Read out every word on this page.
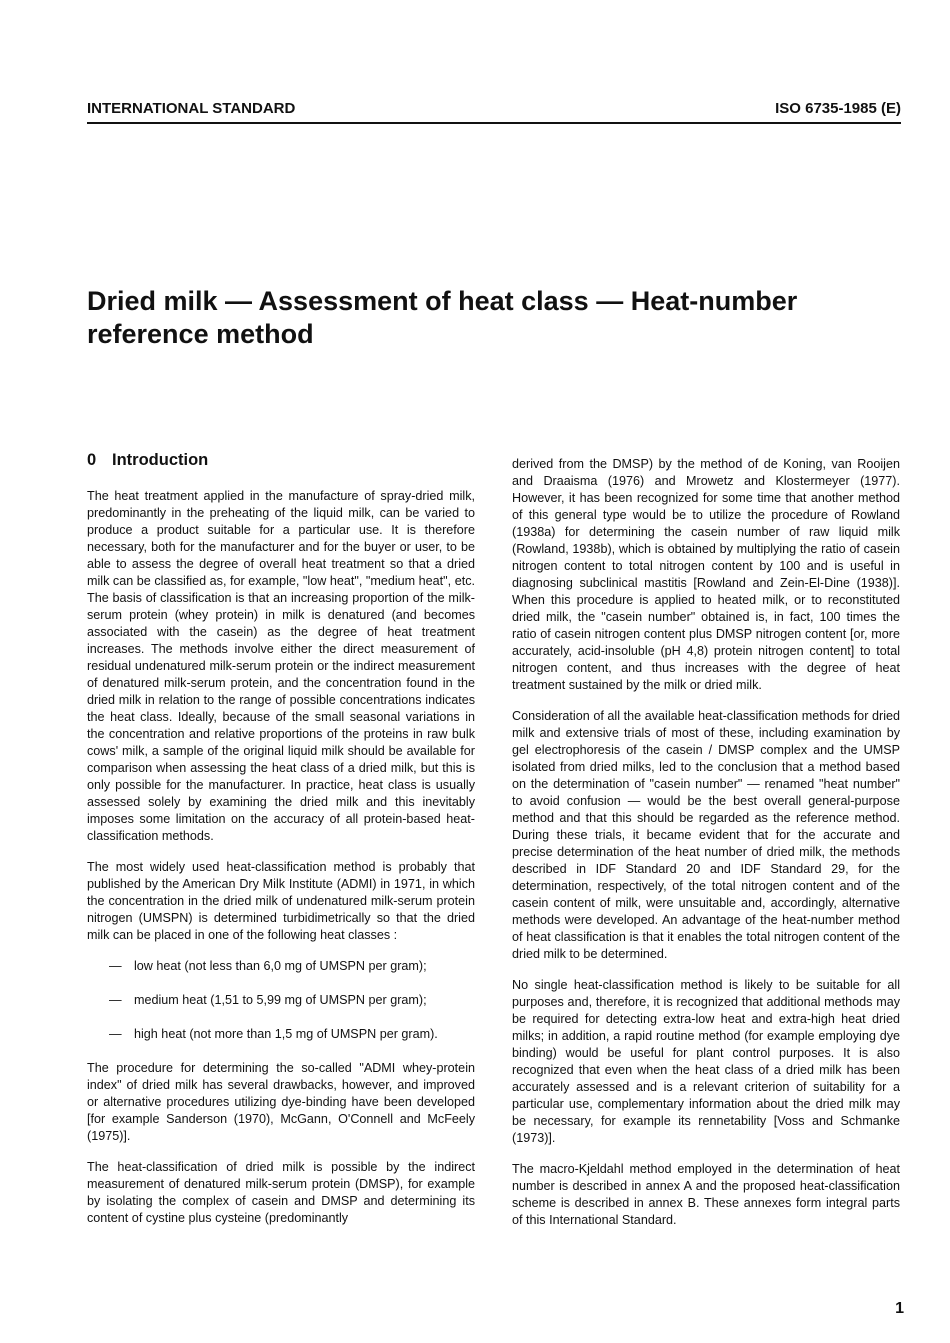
INTERNATIONAL STANDARD	ISO 6735-1985 (E)
Dried milk — Assessment of heat class — Heat-number
reference method
0 Introduction

The heat treatment applied in the manufacture of spray-dried milk, predominantly in the preheating of the liquid milk, can be varied to produce a product suitable for a particular use. It is therefore necessary, both for the manufacturer and for the buyer or user, to be able to assess the degree of overall heat treatment so that a dried milk can be classified as, for example, "low heat", "medium heat", etc. The basis of classification is that an increasing proportion of the milk-serum protein (whey protein) in milk is denatured (and becomes associated with the casein) as the degree of heat treatment increases. The methods involve either the direct measurement of residual undenatured milk-serum protein or the indirect measurement of denatured milk-serum protein, and the concentration found in the dried milk in relation to the range of possible concentrations indicates the heat class. Ideally, because of the small seasonal variations in the concentration and relative proportions of the proteins in raw bulk cows' milk, a sample of the original liquid milk should be available for comparison when assessing the heat class of a dried milk, but this is only possible for the manufacturer. In practice, heat class is usually assessed solely by examining the dried milk and this inevitably imposes some limitation on the accuracy of all protein-based heat-classification methods.

The most widely used heat-classification method is probably that published by the American Dry Milk Institute (ADMI) in 1971, in which the concentration in the dried milk of undenatured milk-serum protein nitrogen (UMSPN) is determined turbidimetrically so that the dried milk can be placed in one of the following heat classes :

— low heat (not less than 6,0 mg of UMSPN per gram);
— medium heat (1,51 to 5,99 mg of UMSPN per gram);
— high heat (not more than 1,5 mg of UMSPN per gram).

The procedure for determining the so-called "ADMI whey-protein index" of dried milk has several drawbacks, however, and improved or alternative procedures utilizing dye-binding have been developed [for example Sanderson (1970), McGann, O'Connell and McFeely (1975)].

The heat-classification of dried milk is possible by the indirect measurement of denatured milk-serum protein (DMSP), for example by isolating the complex of casein and DMSP and determining its content of cystine plus cysteine (predominantly

derived from the DMSP) by the method of de Koning, van Rooijen and Draaisma (1976) and Mrowetz and Klostermeyer (1977). However, it has been recognized for some time that another method of this general type would be to utilize the procedure of Rowland (1938a) for determining the casein number of raw liquid milk (Rowland, 1938b), which is obtained by multiplying the ratio of casein nitrogen content to total nitrogen content by 100 and is useful in diagnosing subclinical mastitis [Rowland and Zein-El-Dine (1938)]. When this procedure is applied to heated milk, or to reconstituted dried milk, the "casein number" obtained is, in fact, 100 times the ratio of casein nitrogen content plus DMSP nitrogen content [or, more accurately, acid-insoluble (pH 4,8) protein nitrogen content] to total nitrogen content, and thus increases with the degree of heat treatment sustained by the milk or dried milk.

Consideration of all the available heat-classification methods for dried milk and extensive trials of most of these, including examination by gel electrophoresis of the casein / DMSP complex and the UMSP isolated from dried milks, led to the conclusion that a method based on the determination of "casein number" — renamed "heat number" to avoid confusion — would be the best overall general-purpose method and that this should be regarded as the reference method. During these trials, it became evident that for the accurate and precise determination of the heat number of dried milk, the methods described in IDF Standard 20 and IDF Standard 29, for the determination, respectively, of the total nitrogen content and of the casein content of milk, were unsuitable and, accordingly, alternative methods were developed. An advantage of the heat-number method of heat classification is that it enables the total nitrogen content of the dried milk to be determined.

No single heat-classification method is likely to be suitable for all purposes and, therefore, it is recognized that additional methods may be required for detecting extra-low heat and extra-high heat dried milks; in addition, a rapid routine method (for example employing dye binding) would be useful for plant control purposes. It is also recognized that even when the heat class of a dried milk has been accurately assessed and is a relevant criterion of suitability for a particular use, complementary information about the dried milk may be necessary, for example its rennetability [Voss and Schmanke (1973)].

The macro-Kjeldahl method employed in the determination of heat number is described in annex A and the proposed heat-classification scheme is described in annex B. These annexes form integral parts of this International Standard.

1
